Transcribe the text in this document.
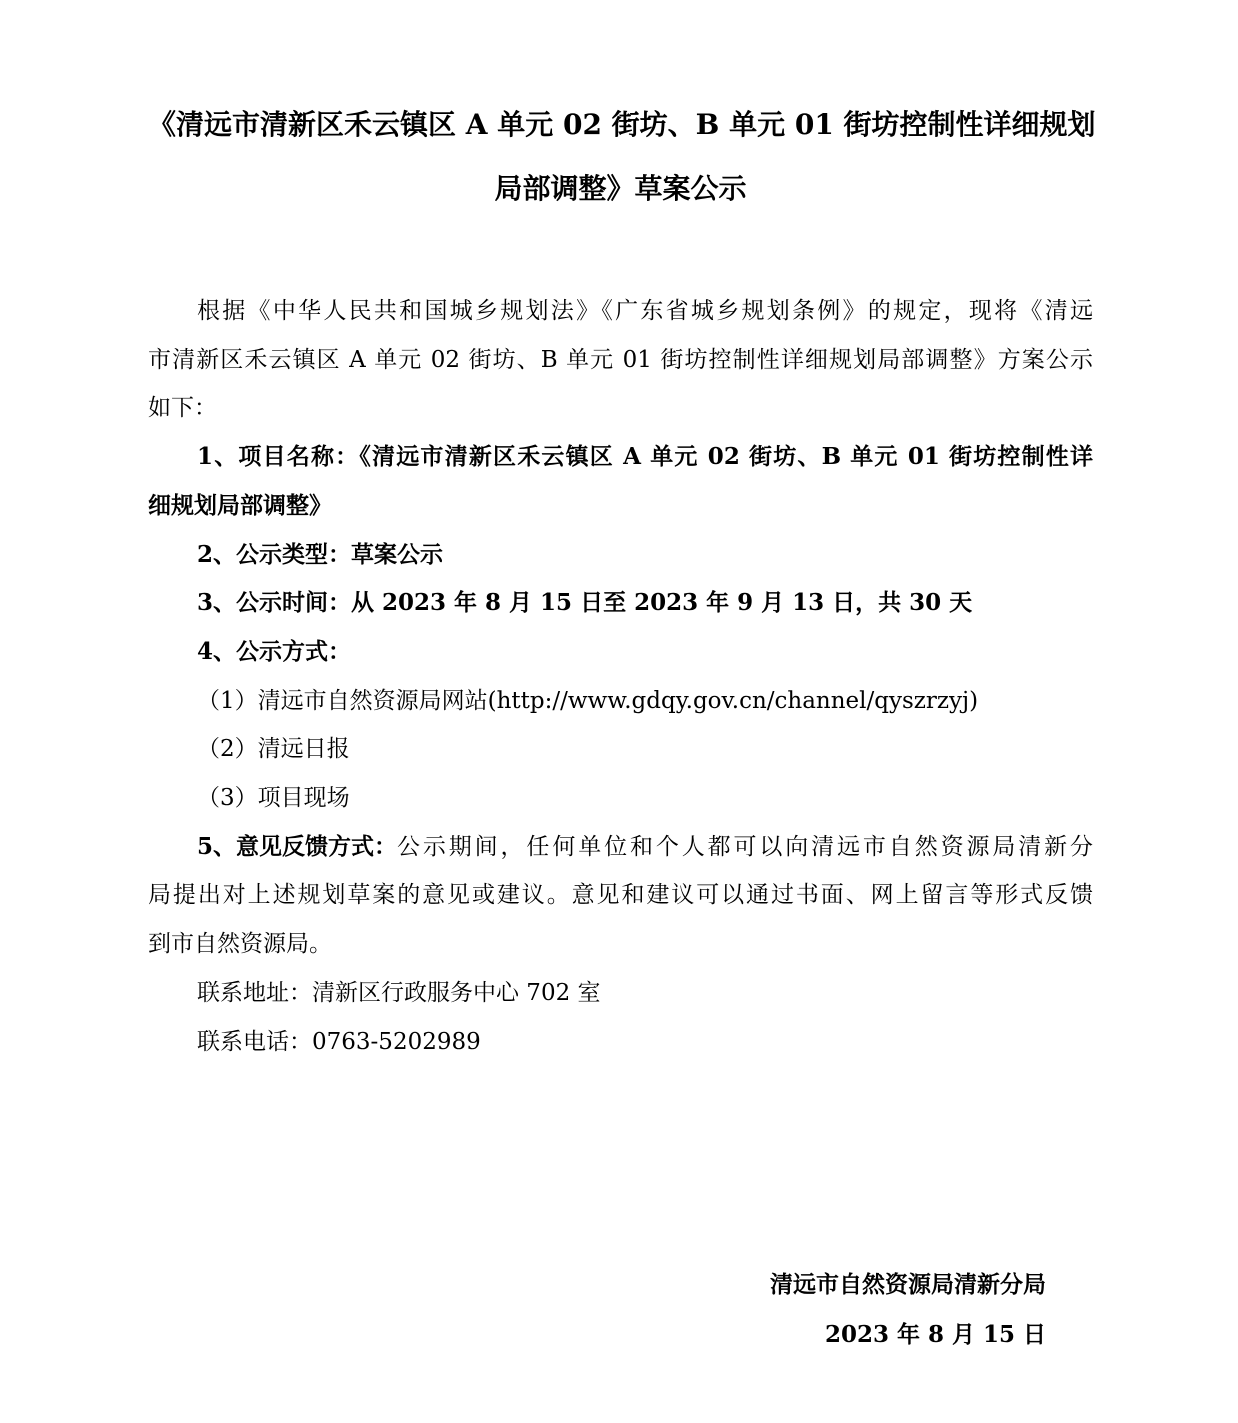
《清远市清新区禾云镇区 A 单元 02 街坊、B 单元 01 街坊控制性详细规划
局部调整》草案公示
根据《中华人民共和国城乡规划法》《广东省城乡规划条例》的规定，现将《清远
市清新区禾云镇区 A 单元 02 街坊、B 单元 01 街坊控制性详细规划局部调整》方案公示
如下：
1、项目名称：《清远市清新区禾云镇区 A 单元 02 街坊、B 单元 01 街坊控制性详
细规划局部调整》
2、公示类型：草案公示
3、公示时间：从 2023 年 8 月 15 日至 2023 年 9 月 13 日，共 30 天
4、公示方式：
（1）清远市自然资源局网站(http://www.gdqy.gov.cn/channel/qyszrzyj)
（2）清远日报
（3）项目现场
5、意见反馈方式： 公示期间，任何单位和个人都可以向清远市自然资源局清新分
局提出对上述规划草案的意见或建议。意见和建议可以通过书面、网上留言等形式反馈
到市自然资源局。
联系地址：清新区行政服务中心 702 室
联系电话：0763-5202989
清远市自然资源局清新分局
2023 年 8 月 15 日
